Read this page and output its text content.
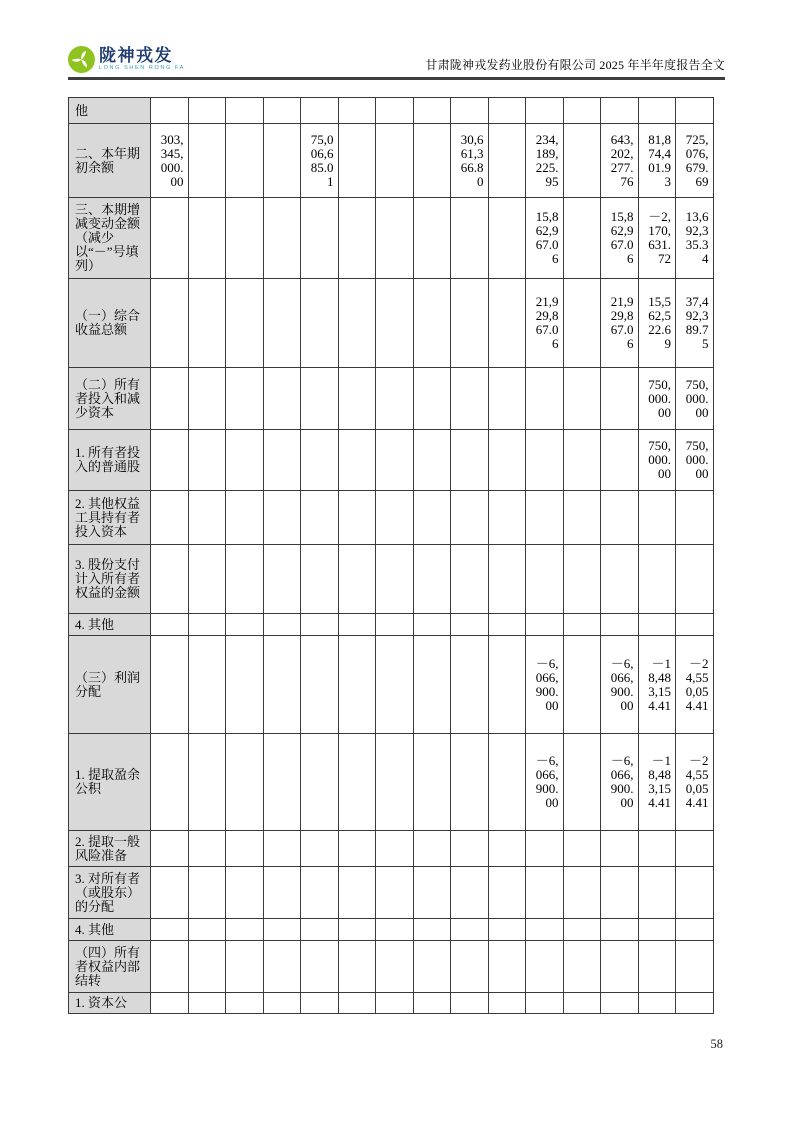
陇神戎发
LONG SHEN RONG FA	甘肃陇神戎发药业股份有限公司 2025 年半年度报告全文
他															
二、本年期初余额	303,345,000.00				75,006,685.01				30,661,366.80		234,189,225.95		643,202,277.76	81,874,401.93	725,076,679.69
三、本期增减变动金额（减少以“－”号填列）											15,862,967.06		15,862,967.06	－2,170,631.72	13,692,335.34
（一）综合收益总额											21,929,867.06		21,929,867.06	15,562,522.69	37,492,389.75
（二）所有者投入和减少资本														750,000.00	750,000.00
1. 所有者投入的普通股														750,000.00	750,000.00
2. 其他权益工具持有者投入资本															
3. 股份支付计入所有者权益的金额															
4. 其他															
（三）利润分配											－6,066,900.00		－6,066,900.00	－18,483,154.41	－24,550,054.41
1. 提取盈余公积											－6,066,900.00		－6,066,900.00	－18,483,154.41	－24,550,054.41
2. 提取一般风险准备															
3. 对所有者（或股东）的分配															
4. 其他															
（四）所有者权益内部结转															
1. 资本公															
58
